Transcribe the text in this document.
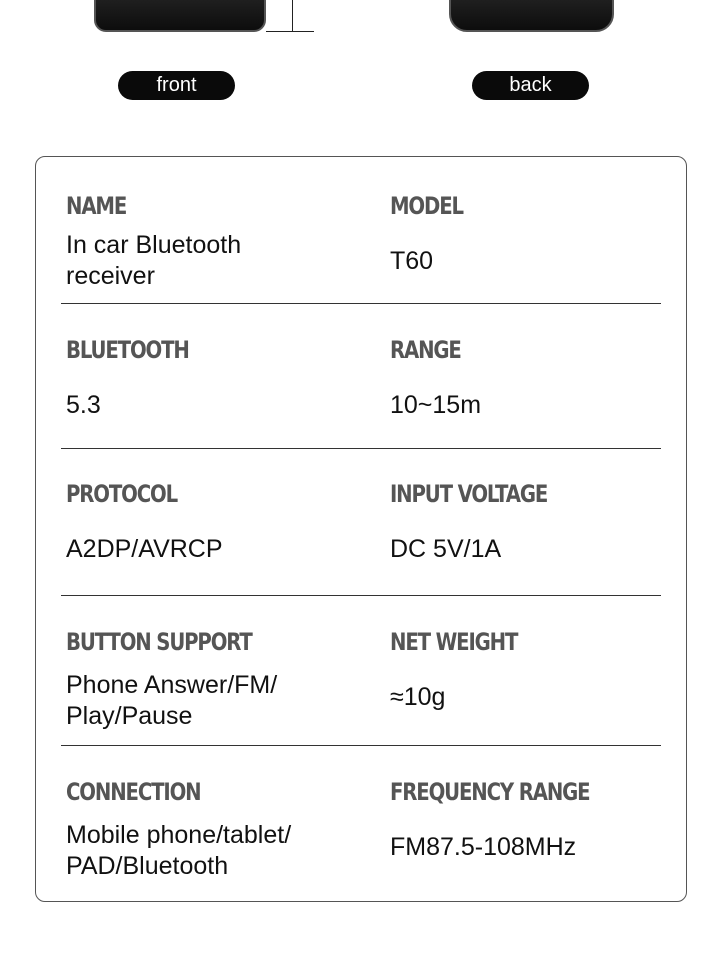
front	back
NAME
In car Bluetooth
receiver
MODEL
T60
BLUETOOTH
5.3
RANGE
10~15m
PROTOCOL
A2DP/AVRCP
INPUT VOLTAGE
DC 5V/1A
BUTTON SUPPORT
Phone Answer/FM/
Play/Pause
NET WEIGHT
≈10g
CONNECTION
Mobile phone/tablet/
PAD/Bluetooth
FREQUENCY RANGE
FM87.5-108MHz
